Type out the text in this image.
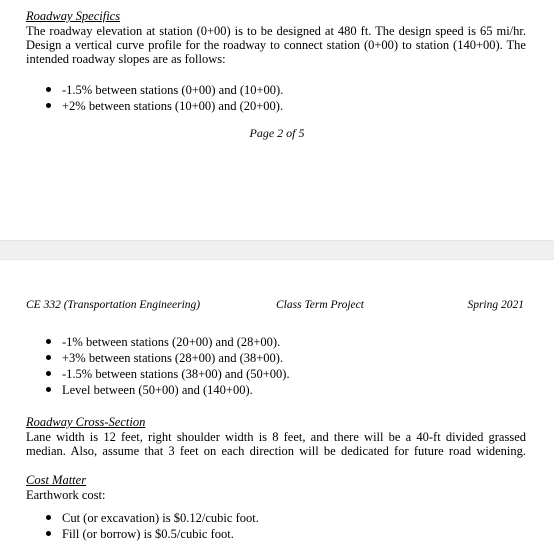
Roadway Specifics
The roadway elevation at station (0+00) is to be designed at 480 ft. The design speed is 65 mi/hr.
Design a vertical curve profile for the roadway to connect station (0+00) to station (140+00). The
intended roadway slopes are as follows:
-1.5% between stations (0+00) and (10+00).
+2% between stations (10+00) and (20+00).
Page 2 of 5
CE 332 (Transportation Engineering)	Class Term Project	Spring 2021
-1% between stations (20+00) and (28+00).
+3% between stations (28+00) and (38+00).
-1.5% between stations (38+00) and (50+00).
Level between (50+00) and (140+00).
Roadway Cross-Section
Lane width is 12 feet, right shoulder width is 8 feet, and there will be a 40-ft divided grassed
median. Also, assume that 3 feet on each direction will be dedicated for future road widening.
Cost Matter
Earthwork cost:
Cut (or excavation) is $0.12/cubic foot.
Fill (or borrow) is $0.5/cubic foot.
